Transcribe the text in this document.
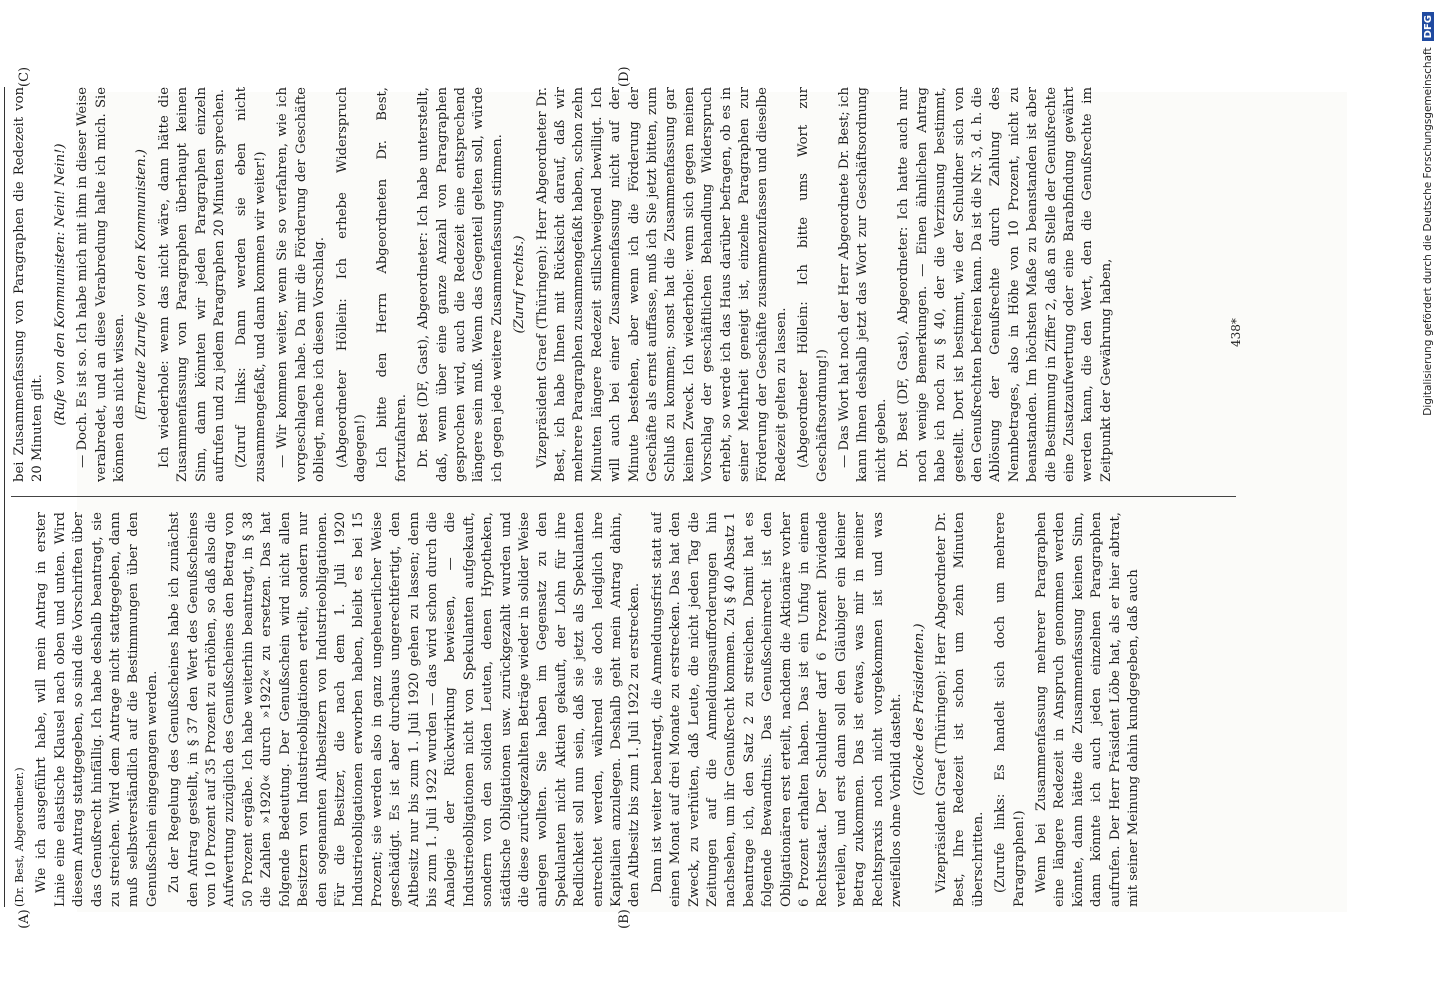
(Dr. Best, Abgeordneter.) Wie ich ausgeführt habe, will mein Antrag in erster Linie eine elastische Klausel nach oben und unten. Wird diesem Antrag stattgegeben, so sind die Vorschriften über das Genußrecht hinfällig. Ich habe deshalb beantragt, sie zu streichen. Wird dem Antrage nicht stattgegeben, dann muß selbstverständlich auf die Bestimmungen über den Genußschein eingegangen werden. Zu der Regelung des Genußscheines habe ich zunächst den Antrag gestellt, in § 37 den Wert des Genußscheines von 10 Prozent auf 35 Prozent zu erhöhen, so daß also die Aufwertung zuzüglich des Genußscheines den Betrag von 50 Prozent ergäbe. Ich habe weiterhin beantragt, in § 38 die Zahlen »1920« durch »1922« zu ersetzen. Das hat folgende Bedeutung. Der Genußschein wird nicht allen Besitzern von Industrieobligationen erteilt, sondern nur den sogenannten Altbesitzern von Industrieobligationen. Für die Besitzer, die nach dem 1. Juli 1920 Industrieobligationen erworben haben, bleibt es bei 15 Prozent; sie werden also in ganz ungeheuerlicher Weise geschädigt. Es ist aber durchaus ungerechtfertigt, den Altbesitz nur bis zum 1. Juli 1920 gehen zu lassen; denn bis zum 1. Juli 1922 wurden — das wird schon durch die Analogie der Rückwirkung bewiesen, — die Industrieobligationen nicht von Spekulanten aufgekauft, sondern von den soliden Leuten, denen Hypotheken, städtische Obligationen usw. zurückgezahlt wurden und die diese zurückgezahlten Beträge wieder in solider Weise anlegen wollten. Sie haben im Gegensatz zu den Spekulanten nicht Aktien gekauft, der Lohn für ihre Redlichkeit soll nun sein, daß sie jetzt als Spekulanten entrechtet werden, während sie doch lediglich ihre Kapitalien anzulegen. Deshalb geht mein Antrag dahin, den Altbesitz bis zum 1. Juli 1922 zu erstrecken. Dann ist weiter beantragt, die Anmeldungsfrist statt auf einen Monat auf drei Monate zu erstrecken. Das hat den Zweck, zu verhüten, daß Leute, die nicht jeden Tag die Zeitungen auf die Anmeldungsaufforderungen hin nachsehen, um ihr Genußrecht kommen. Zu § 40 Absatz 1 beantrage ich, den Satz 2 zu streichen. Damit hat es folgende Bewandtnis. Das Genußscheinrecht ist den Obligationären erst erteilt, nachdem die Aktionäre vorher 6 Prozent erhalten haben. Das ist ein Unfug in einem Rechtsstaat. Der Schuldner darf 6 Prozent Dividende verteilen, und erst dann soll den Gläubiger ein kleiner Betrag zukommen. Das ist etwas, was mir in meiner Rechtspraxis noch nicht vorgekommen ist und was zweifellos ohne Vorbild dasteht. (Glocke des Präsidenten.) Vizepräsident Graef (Thüringen): Herr Abgeordneter Dr. Best, Ihre Redezeit ist schon um zehn Minuten überschritten. (Zurufe links: Es handelt sich doch um mehrere Paragraphen!) Wenn bei Zusammenfassung mehrerer Paragraphen eine längere Redezeit in Anspruch genommen werden könnte, dann hätte die Zusammenfassung keinen Sinn, dann könnte ich auch jeden einzelnen Paragraphen aufrufen. Der Herr Präsident Löbe hat, als er hier abtrat, mit seiner Meinung dahin kundgegeben, daß auch

bei Zusammenfassung von Paragraphen die Redezeit von 20 Minuten gilt.

(Rufe von den Kommunisten: Nein! Nein!) — Doch. Es ist so. Ich habe mich mit ihm in dieser Weise verabredet, und an diese Verabredung halte ich mich. Sie können das nicht wissen. (Erneute Zurufe von den Kommunisten.) Ich wiederhole: wenn das nicht wäre, dann hätte die Zusammenfassung von Paragraphen überhaupt keinen Sinn, dann könnten wir jeden Paragraphen einzeln aufrufen und zu jedem Paragraphen 20 Minuten sprechen. (Zuruf links: Dann werden sie eben nicht zusammengefaßt, und dann kommen wir weiter!) — Wir kommen weiter, wenn Sie so verfahren, wie ich vorgeschlagen habe. Da mir die Förderung der Geschäfte obliegt, mache ich diesen Vorschlag. (Abgeordneter Höllein: Ich erhebe Widerspruch dagegen!) Ich bitte den Herrn Abgeordneten Dr. Best, fortzufahren. Dr. Best (DF, Gast), Abgeordneter: Ich habe unterstellt, daß, wenn über eine ganze Anzahl von Paragraphen gesprochen wird, auch die Redezeit eine entsprechend längere sein muß. Wenn das Gegenteil gelten soll, würde ich gegen jede weitere Zusammenfassung stimmen. (Zuruf rechts.) Vizepräsident Graef (Thüringen): Herr Abgeordneter Dr. Best, ich habe Ihnen mit Rücksicht darauf, daß wir mehrere Paragraphen zusammengefaßt haben, schon zehn Minuten längere Redezeit stillschweigend bewilligt. Ich will auch bei einer Zusammenfassung nicht auf der Minute bestehen, aber wenn ich die Förderung der Geschäfte als ernst auffasse, muß ich Sie jetzt bitten, zum Schluß zu kommen; sonst hat die Zusammenfassung gar keinen Zweck. Ich wiederhole: wenn sich gegen meinen Vorschlag der geschäftlichen Behandlung Widerspruch erhebt, so werde ich das Haus darüber befragen, ob es in seiner Mehrheit geneigt ist, einzelne Paragraphen zur Förderung der Geschäfte zusammenzufassen und dieselbe Redezeit gelten zu lassen. (Abgeordneter Höllein: Ich bitte ums Wort zur Geschäftsordnung!) — Das Wort hat noch der Herr Abgeordnete Dr. Best; ich kann Ihnen deshalb jetzt das Wort zur Geschäftsordnung nicht geben. Dr. Best (DF, Gast), Abgeordneter: Ich hatte auch nur noch wenige Bemerkungen. — Einen ähnlichen Antrag habe ich noch zu § 40, der die Verzinsung bestimmt, gestellt. Dort ist bestimmt, wie der Schuldner sich von den Genußrechten befreien kann. Da ist die Nr. 3, d. h. die Ablösung der Genußrechte durch Zahlung des Nennbetrages, also in Höhe von 10 Prozent, nicht zu beanstanden. Im höchsten Maße zu beanstanden ist aber die Bestimmung in Ziffer 2, daß an Stelle der Genußrechte eine Zusatzaufwertung oder eine Barabfindung gewährt werden kann, die den Wert, den die Genußrechte im Zeitpunkt der Gewährung haben,

(A)	(B)
(C)	(D)
438*	Digitalisierung gefördert durch die Deutsche Forschungsgemeinschaft
DFG
